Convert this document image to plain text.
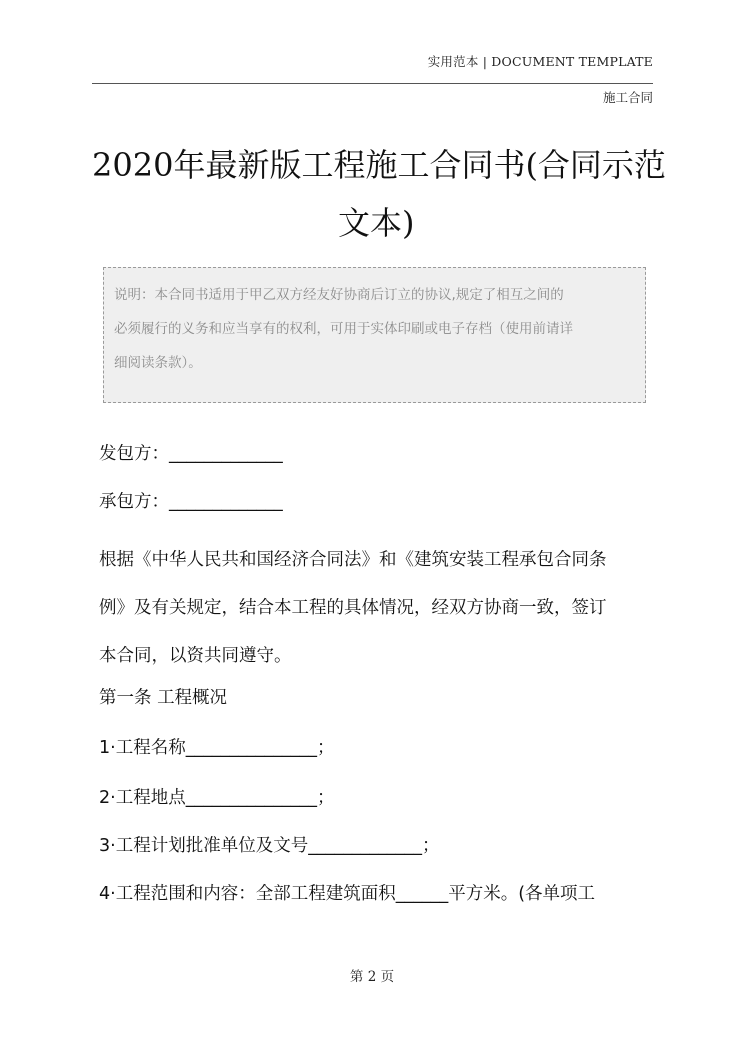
实用范本 | DOCUMENT TEMPLATE
施工合同
2020年最新版工程施工合同书(合同示范
文本)
说明：本合同书适用于甲乙双方经友好协商后订立的协议,规定了相互之间的
必须履行的义务和应当享有的权利，可用于实体印刷或电子存档（使用前请详
细阅读条款）。
发包方：_____________
承包方：_____________
根据《中华人民共和国经济合同法》和《建筑安装工程承包合同条
例》及有关规定，结合本工程的具体情况，经双方协商一致，签订
本合同，以资共同遵守。
第一条 工程概况
1·工程名称_______________；
2·工程地点_______________；
3·工程计划批准单位及文号_____________；
4·工程范围和内容：全部工程建筑面积______平方米。(各单项工
第 2 页
